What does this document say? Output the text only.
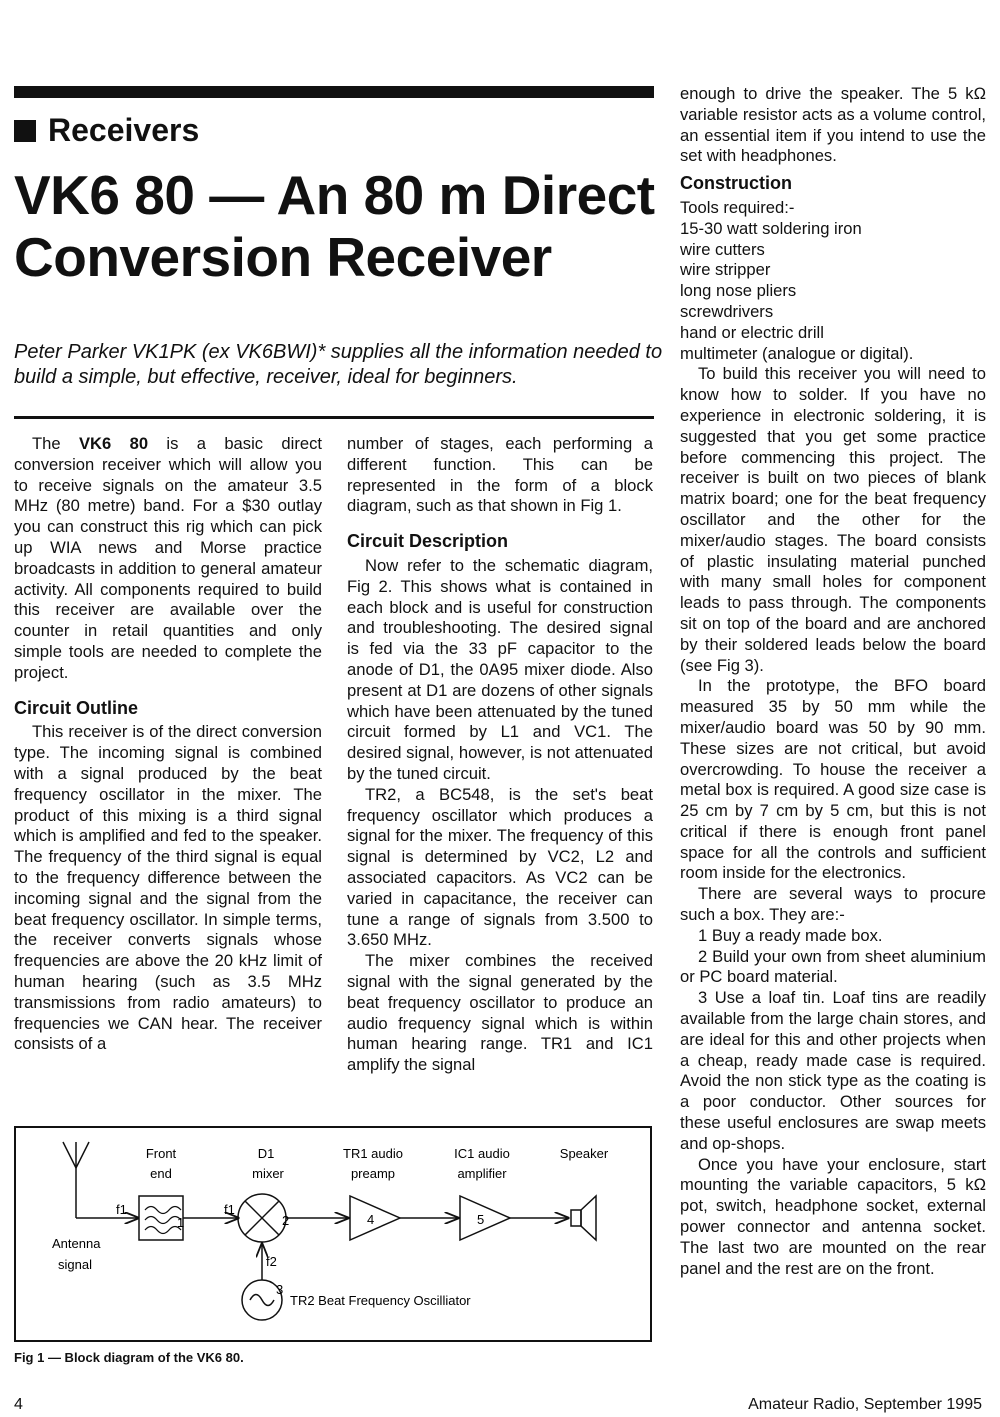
Receivers
VK6 80 — An 80 m Direct Conversion Receiver

Peter Parker VK1PK (ex VK6BWI)* supplies all the information needed to build a simple, but effective, receiver, ideal for beginners.

The VK6 80 is a basic direct conversion receiver which will allow you to receive signals on the amateur 3.5 MHz (80 metre) band. For a $30 outlay you can construct this rig which can pick up WIA news and Morse practice broadcasts in addition to general amateur activity. All components required to build this receiver are available over the counter in retail quantities and only simple tools are needed to complete the project.

Circuit Outline

This receiver is of the direct conversion type. The incoming signal is combined with a signal produced by the beat frequency oscillator in the mixer. The product of this mixing is a third signal which is amplified and fed to the speaker. The frequency of the third signal is equal to the frequency difference between the incoming signal and the signal from the beat frequency oscillator. In simple terms, the receiver converts signals whose frequencies are above the 20 kHz limit of human hearing (such as 3.5 MHz transmissions from radio amateurs) to frequencies we CAN hear. The receiver consists of a

number of stages, each performing a different function. This can be represented in the form of a block diagram, such as that shown in Fig 1.

Circuit Description

Now refer to the schematic diagram, Fig 2. This shows what is contained in each block and is useful for construction and troubleshooting. The desired signal is fed via the 33 pF capacitor to the anode of D1, the 0A95 mixer diode. Also present at D1 are dozens of other signals which have been attenuated by the tuned circuit formed by L1 and VC1. The desired signal, however, is not attenuated by the tuned circuit.

TR2, a BC548, is the set's beat frequency oscillator which produces a signal for the mixer. The frequency of this signal is determined by VC2, L2 and associated capacitors. As VC2 can be varied in capacitance, the receiver can tune a range of signals from 3.500 to 3.650 MHz.

The mixer combines the received signal with the signal generated by the beat frequency oscillator to produce an audio frequency signal which is within human hearing range. TR1 and IC1 amplify the signal

enough to drive the speaker. The 5 kΩ variable resistor acts as a volume control, an essential item if you intend to use the set with headphones.

Construction
Tools required:-
15-30 watt soldering iron
wire cutters
wire stripper
long nose pliers
screwdrivers
hand or electric drill
multimeter (analogue or digital).

To build this receiver you will need to know how to solder. If you have no experience in electronic soldering, it is suggested that you get some practice before commencing this project. The receiver is built on two pieces of blank matrix board; one for the beat frequency oscillator and the other for the mixer/audio stages. The board consists of plastic insulating material punched with many small holes for component leads to pass through. The components sit on top of the board and are anchored by their soldered leads below the board (see Fig 3).

In the prototype, the BFO board measured 35 by 50 mm while the mixer/audio board was 50 by 90 mm. These sizes are not critical, but avoid overcrowding. To house the receiver a metal box is required. A good size case is 25 cm by 7 cm by 5 cm, but this is not critical if there is enough front panel space for all the controls and sufficient room inside for the electronics.

There are several ways to procure such a box. They are:-

1 Buy a ready made box.

2 Build your own from sheet aluminium or PC board material.

3 Use a loaf tin. Loaf tins are readily available from the large chain stores, and are ideal for this and other projects when a cheap, ready made case is required. Avoid the non stick type as the coating is a poor conductor. Other sources for these useful enclosures are swap meets and op-shops.

Once you have your enclosure, start mounting the variable capacitors, 5 kΩ pot, switch, headphone socket, external power connector and antenna socket. The last two are mounted on the rear panel and the rest are on the front.

Front
end
D1
mixer
TR1 audio
preamp
IC1 audio
amplifier
Speaker
Antenna
signal
f1	f1
f2
1	2
3
4	5
TR2 Beat Frequency Oscilliator
Fig 1 — Block diagram of the VK6 80.
4	Amateur Radio, September 1995
